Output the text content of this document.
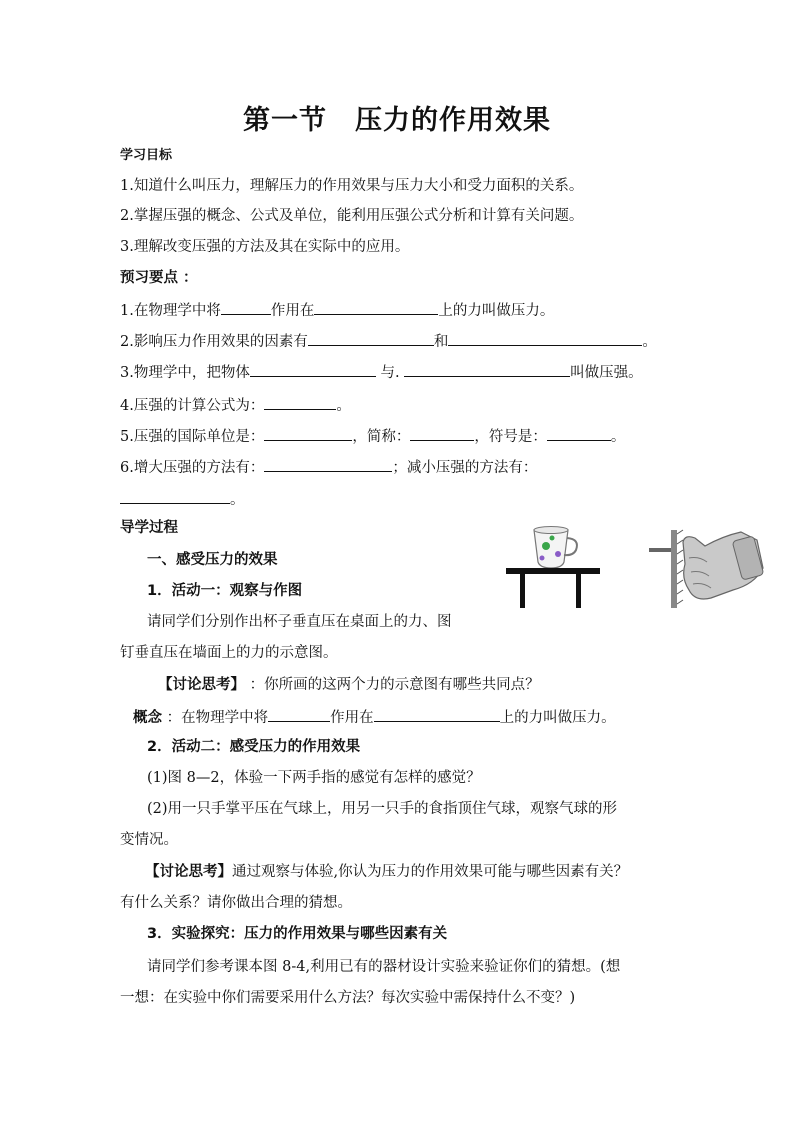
第一节　压力的作用效果
学习目标
1.知道什么叫压力，理解压力的作用效果与压力大小和受力面积的关系。
2.掌握压强的概念、公式及单位，能利用压强公式分析和计算有关问题。
3.理解改变压强的方法及其在实际中的应用。
预习要点 ：
1.在物理学中将	作用在	上的力叫做压力。
2.影响压力作用效果的因素有	和	。
3.物理学中，把物体	与.	叫做压强。
4.压强的计算公式为：	。
5.压强的国际单位是：	，简称：	，符号是：	。
6.增大压强的方法有：	；减小压强的方法有：
。
导学过程
一、感受压力的效果
1．活动一：观察与作图
请同学们分别作出杯子垂直压在桌面上的力、图
钉垂直压在墙面上的力的示意图。
【讨论思考】 ：你所画的这两个力的示意图有哪些共同点？
概念 ：在物理学中将	作用在	上的力叫做压力。
2．活动二：感受压力的作用效果
(1)图 8—2，体验一下两手指的感觉有怎样的感觉？
(2)用一只手掌平压在气球上，用另一只手的食指顶住气球，观察气球的形
变情况。
【讨论思考】通过观察与体验,你认为压力的作用效果可能与哪些因素有关？
有什么关系？请你做出合理的猜想。
3．实验探究：压力的作用效果与哪些因素有关
请同学们参考课本图 8-4,利用已有的器材设计实验来验证你们的猜想。(想
一想：在实验中你们需要采用什么方法？每次实验中需保持什么不变？)
